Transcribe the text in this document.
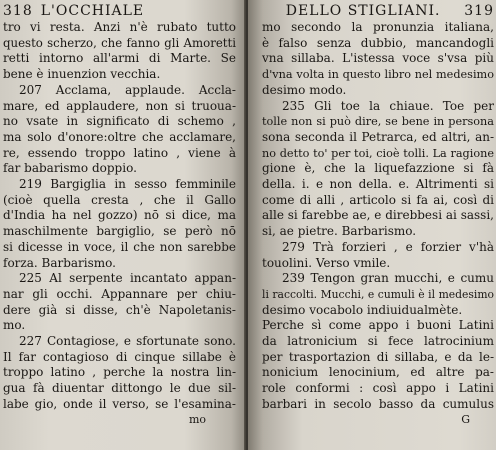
318 L'OCCHIALE
tro vi resta. Anzi n'è rubato tutto
questo scherzo, che fanno gli Amoretti
retti intorno all'armi di Marte. Se
bene è inuenzion vecchia.
207 Acclama, applaude. Accla-
mare, ed applaudere, non si truoua-
no vsate in significato di schemo ,
ma solo d'onore:oltre che acclamare,
re, essendo troppo latino , viene à
far babarismo doppio.
219 Bargiglia in sesso femminile
(cioè quella cresta , che il Gallo
d'India ha nel gozzo) nō si dice, ma
maschilmente bargiglio, se però nō
si dicesse in voce, il che non sarebbe
forza. Barbarismo.
225 Al serpente incantato appan-
nar gli occhi. Appannare per chiu-
dere già si disse, ch'è Napoletanis-
mo.
227 Contagiose, e sfortunate sono.
Il far contagioso di cinque sillabe è
troppo latino , perche la nostra lin-
gua fà diuentar dittongo le due sil-
labe gio, onde il verso, se l'esamina-
mo
DELLO STIGLIANI.	319
mo secondo la pronunzia italiana,
è falso senza dubbio, mancandogli
vna sillaba. L'istessa voce s'vsa più
d'vna volta in questo libro nel medesimo
desimo modo.
235 Gli toe la chiaue. Toe per
tolle non si può dire, se bene in persona
sona seconda il Petrarca, ed altri, an-
no detto to' per toi, cioè tolli. La ragione
gione è, che la liquefazzione si fà
della. i. e non della. e. Altrimenti si
come di alli , articolo si fa ai, così di
alle si farebbe ae, e direbbesi ai sassi,
si, ae pietre. Barbarismo.
279 Trà forzieri , e forzier v'hà
touolini. Verso vmile.
239 Tengon gran mucchi, e cumu
li raccolti. Mucchi, e cumuli è il medesimo
desimo vocabolo indiuidualmète.
Perche sì come appo i buoni Latini
da latronicium si fece latrocinium
per trasportazion di sillaba, e da le-
nonicium lenocinium, ed altre pa-
role conformi : così appo i Latini
barbari in secolo basso da cumulus
G
